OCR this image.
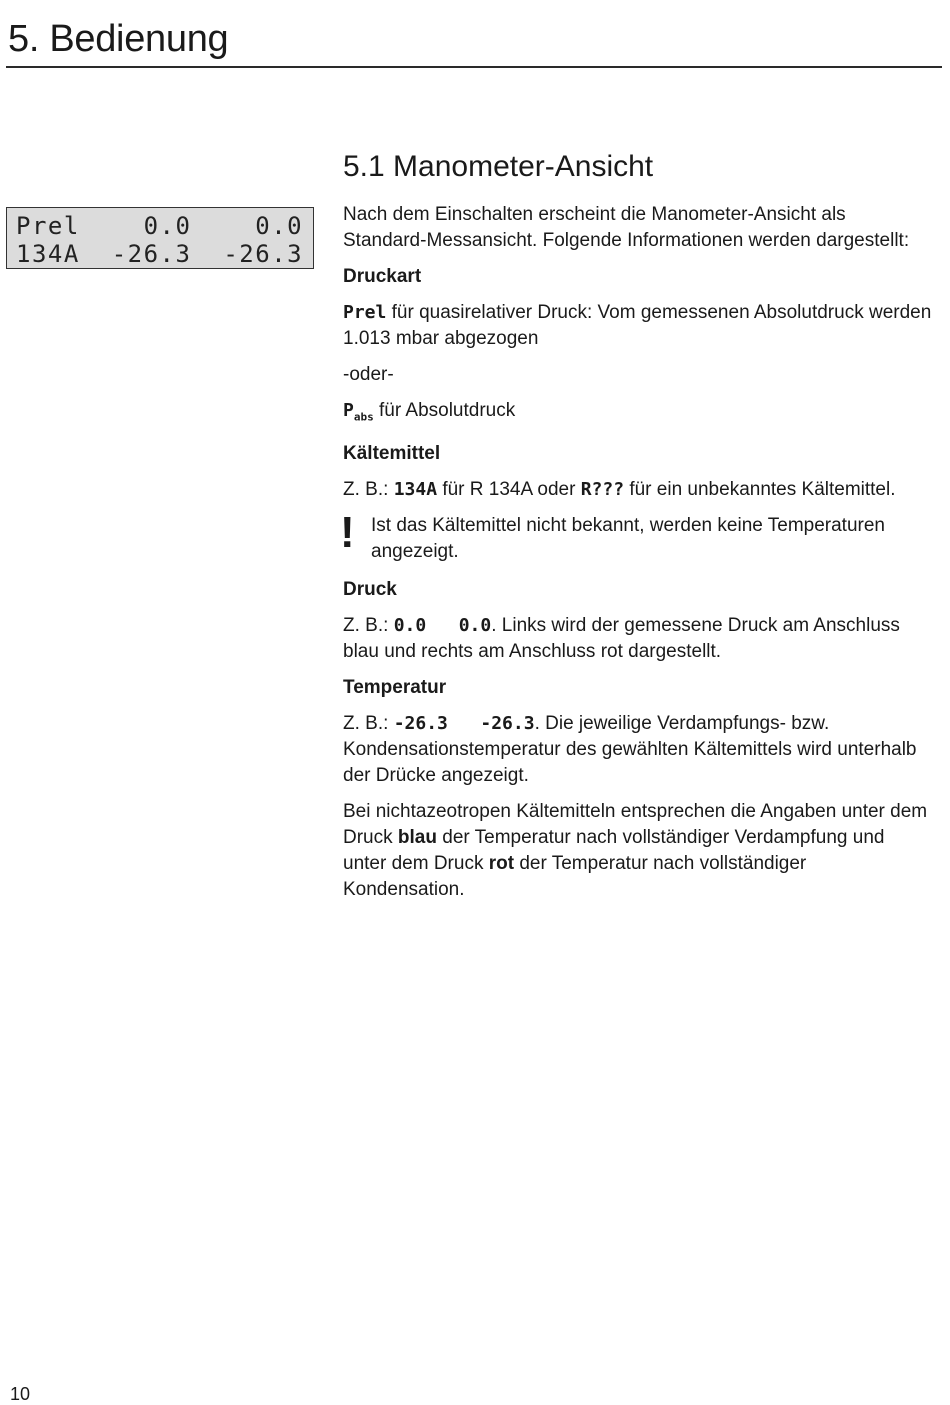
5. Bedienung
Prel    0.0    0.0
134A  -26.3  -26.3
5.1 Manometer-Ansicht

Nach dem Einschalten erscheint die Manometer-Ansicht als Standard-Messansicht. Folgende Informationen werden dargestellt:

Druckart

Prel für quasirelativer Druck: Vom gemessenen Absolutdruck werden 1.013 mbar abgezogen

-oder-

$P_{abs}$ für Absolutdruck

Kältemittel

Z. B.: 134A für R 134A oder R??? für ein unbekanntes Kältemittel.

! Ist das Kältemittel nicht bekannt, werden keine Temperaturen angezeigt.
Druck

Z. B.: 0.0   0.0. Links wird der gemessene Druck am Anschluss blau und rechts am Anschluss rot dargestellt.

Temperatur

Z. B.: -26.3   -26.3. Die jeweilige Verdampfungs- bzw. Kondensationstemperatur des gewählten Kältemittels wird unterhalb der Drücke angezeigt.

Bei nichtazeotropen Kältemitteln entsprechen die Angaben unter dem Druck blau der Temperatur nach vollständiger Verdampfung und unter dem Druck rot der Temperatur nach vollständiger Kondensation.

10
